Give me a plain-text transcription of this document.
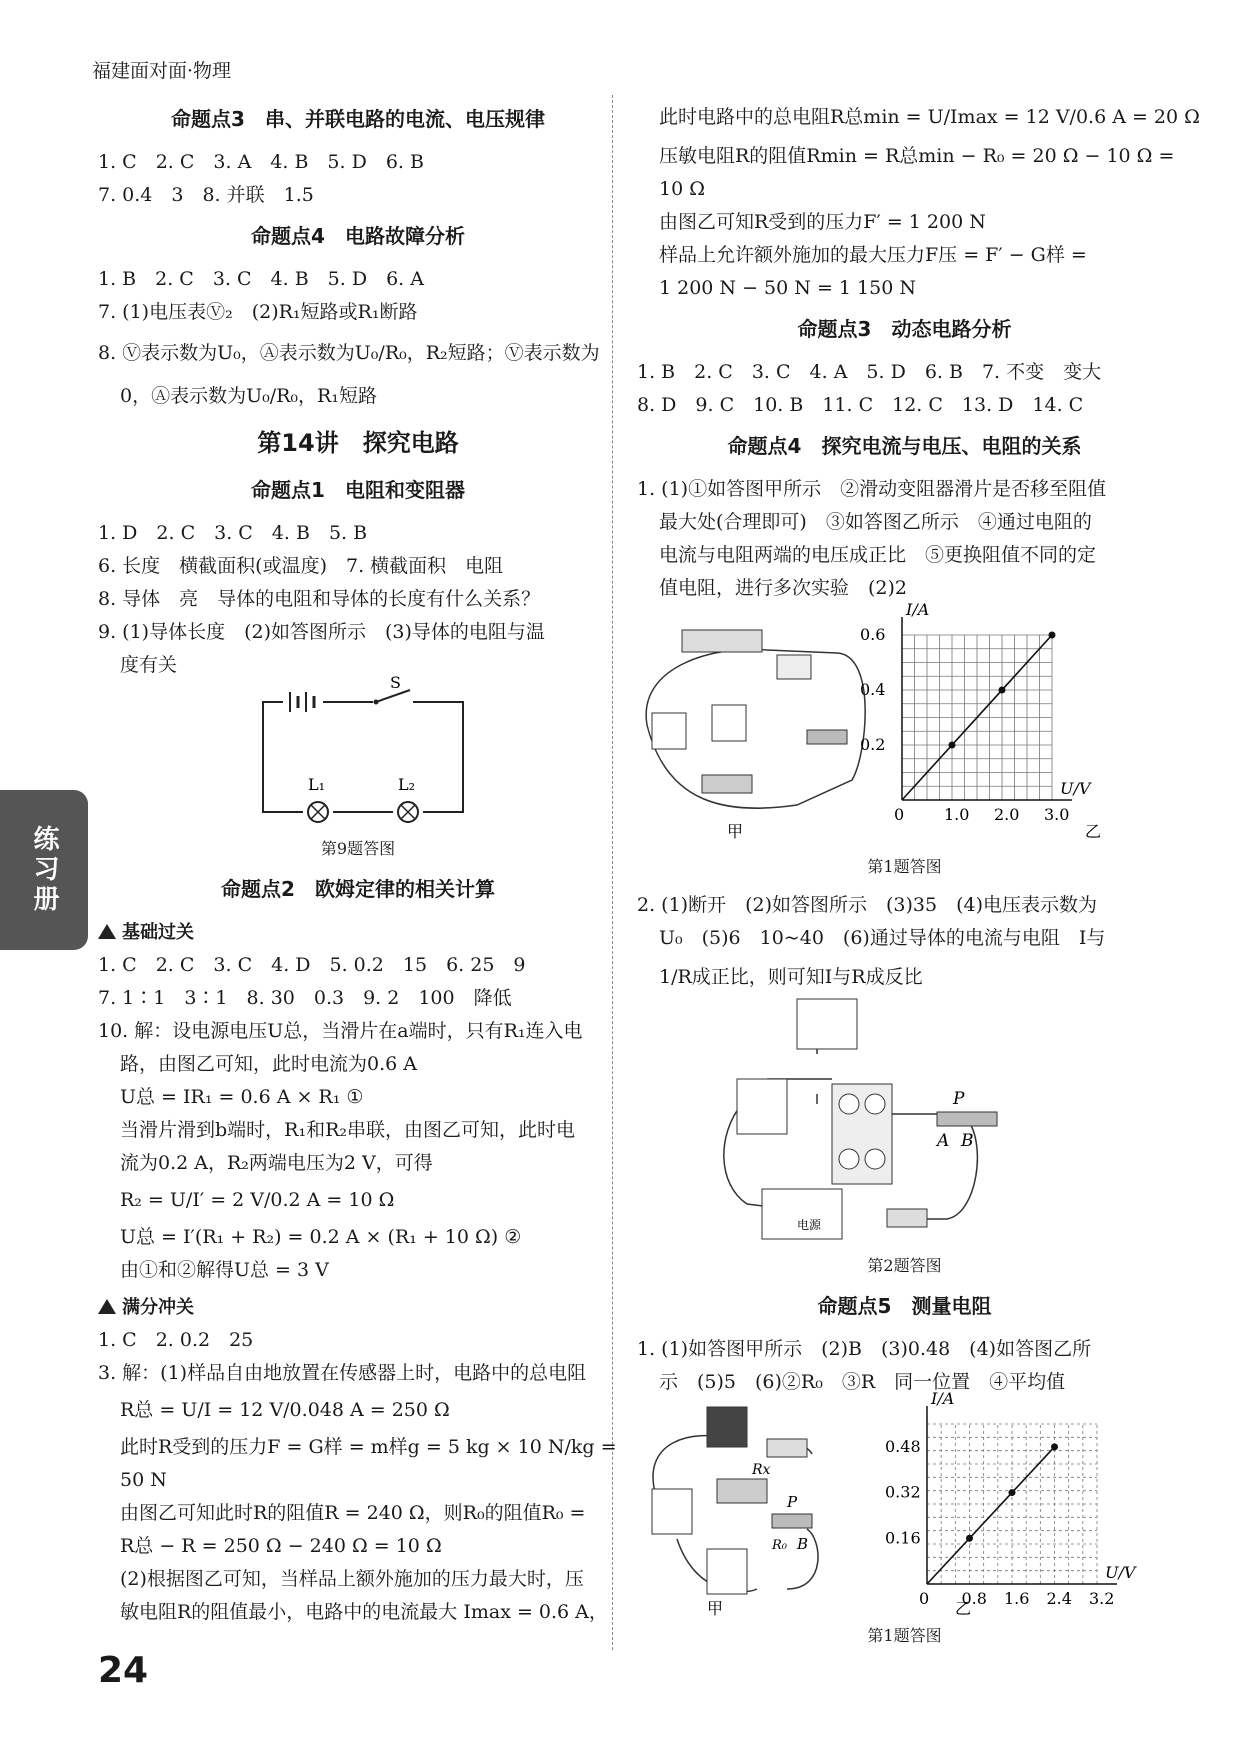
福建面对面·物理
练习册
命题点3　串、并联电路的电流、电压规律
1. C　2. C　3. A　4. B　5. D　6. B
7. 0.4　3　8. 并联　1.5
命题点4　电路故障分析
1. B　2. C　3. C　4. B　5. D　6. A
7. (1)电压表Ⓥ₂　(2)R₁短路或R₁断路
8. Ⓥ表示数为U₀，Ⓐ表示数为U₀/R₀，R₂短路；Ⓥ表示数为
0，Ⓐ表示数为U₀/R₀，R₁短路
第14讲　探究电路
命题点1　电阻和变阻器
1. D　2. C　3. C　4. B　5. B
6. 长度　横截面积(或温度)　7. 横截面积　电阻
8. 导体　亮　导体的电阻和导体的长度有什么关系？
9. (1)导体长度　(2)如答图所示　(3)导体的电阻与温
度有关
S
L₁	L₂
第9题答图
命题点2　欧姆定律的相关计算
基础过关
1. C　2. C　3. C　4. D　5. 0.2　15　6. 25　9
7. 1∶1　3∶1　8. 30　0.3　9. 2　100　降低
10. 解：设电源电压U总，当滑片在a端时，只有R₁连入电
路，由图乙可知，此时电流为0.6 A
U总 = IR₁ = 0.6 A × R₁ ①
当滑片滑到b端时，R₁和R₂串联，由图乙可知，此时电
流为0.2 A，R₂两端电压为2 V，可得
R₂ = U/I′ = 2 V/0.2 A = 10 Ω
U总 = I′(R₁ + R₂) = 0.2 A × (R₁ + 10 Ω) ②
由①和②解得U总 = 3 V
满分冲关
1. C　2. 0.2　25
3. 解：(1)样品自由地放置在传感器上时，电路中的总电阻
R总 = U/I = 12 V/0.048 A = 250 Ω
此时R受到的压力F = G样 = m样g = 5 kg × 10 N/kg =
50 N
由图乙可知此时R的阻值R = 240 Ω，则R₀的阻值R₀ =
R总 − R = 250 Ω − 240 Ω = 10 Ω
(2)根据图乙可知，当样品上额外施加的压力最大时，压
敏电阻R的阻值最小，电路中的电流最大 Imax = 0.6 A，
此时电路中的总电阻R总min = U/Imax = 12 V/0.6 A = 20 Ω
压敏电阻R的阻值Rmin = R总min − R₀ = 20 Ω − 10 Ω =
10 Ω
由图乙可知R受到的压力F′ = 1 200 N
样品上允许额外施加的最大压力F压 = F′ − G样 =
1 200 N − 50 N = 1 150 N
命题点3　动态电路分析
1. B　2. C　3. C　4. A　5. D　6. B　7. 不变　变大
8. D　9. C　10. B　11. C　12. C　13. D　14. C
命题点4　探究电流与电压、电阻的关系
1. (1)①如答图甲所示　②滑动变阻器滑片是否移至阻值
最大处(合理即可)　③如答图乙所示　④通过电阻的
电流与电阻两端的电压成正比　⑤更换阻值不同的定
值电阻，进行多次实验　(2)2
甲
I/A
U/V
0 1.0 2.0 3.0
0.2
0.4
0.6
乙
第1题答图
2. (1)断开　(2)如答图所示　(3)35　(4)电压表示数为
U₀　(5)6　10~40　(6)通过导体的电流与电阻　I与
1/R成正比，则可知I与R成反比
P
A B
电源
第2题答图
命题点5　测量电阻
1. (1)如答图甲所示　(2)B　(3)0.48　(4)如答图乙所
示　(5)5　(6)②R₀　③R　同一位置　④平均值
Rx
P
R₀ B
甲
I/A
U/V
0 0.8 1.6 2.4 3.2
0.16
0.32
0.48
乙
第1题答图
24
